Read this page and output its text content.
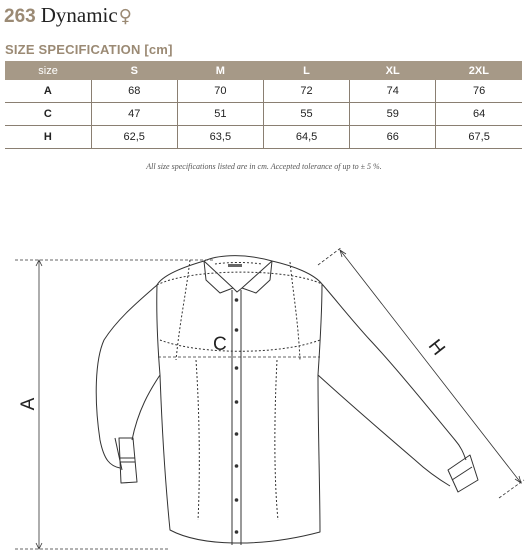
263 Dynamic ♀
SIZE SPECIFICATION [cm]
size	S	M	L	XL	2XL
A	68	70	72	74	76
C	47	51	55	59	64
H	62,5	63,5	64,5	66	67,5
All size specifications listed are in cm. Accepted tolerance of up to ± 5 %.
A
H
C
